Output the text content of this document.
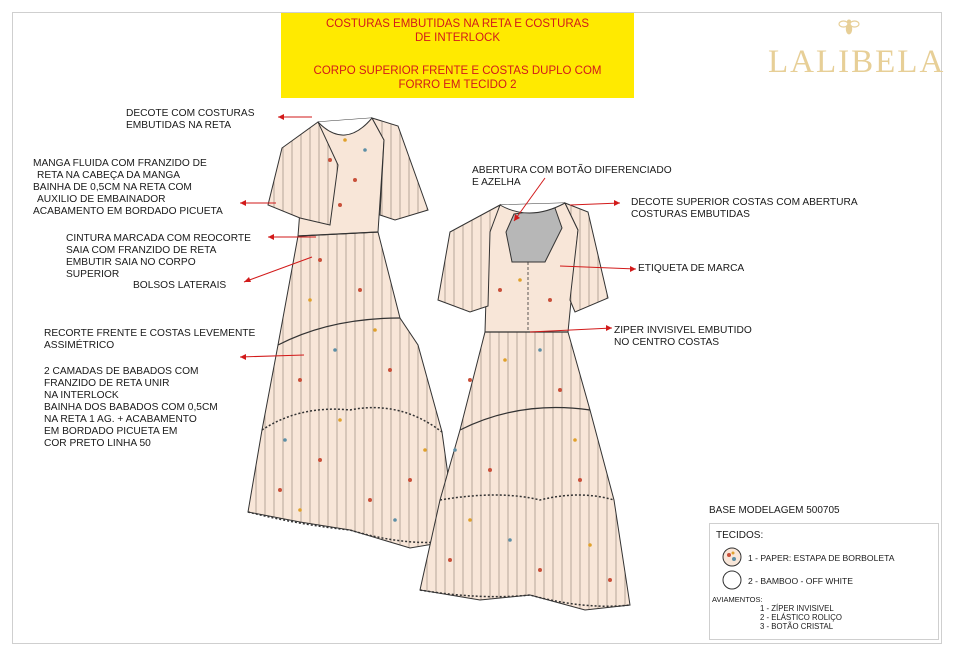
COSTURAS EMBUTIDAS NA RETA E COSTURAS
DE INTERLOCK
CORPO SUPERIOR FRENTE E COSTAS DUPLO COM
FORRO EM TECIDO 2
LALIBELA
DECOTE COM COSTURAS
EMBUTIDAS NA RETA
MANGA FLUIDA COM FRANZIDO DE
RETA NA CABEÇA DA MANGA
BAINHA DE 0,5CM NA RETA COM
AUXILIO DE EMBAINADOR
ACABAMENTO EM BORDADO PICUETA
CINTURA MARCADA COM REOCORTE
SAIA COM FRANZIDO DE RETA
EMBUTIR SAIA NO CORPO
SUPERIOR
BOLSOS LATERAIS
RECORTE FRENTE E COSTAS LEVEMENTE
ASSIMÉTRICO
2 CAMADAS DE BABADOS COM
FRANZIDO DE RETA UNIR
NA INTERLOCK
BAINHA DOS BABADOS COM 0,5CM
NA RETA 1 AG. + ACABAMENTO
EM BORDADO PICUETA EM
COR PRETO LINHA 50
ABERTURA COM BOTÃO DIFERENCIADO
E AZELHA
DECOTE SUPERIOR COSTAS COM ABERTURA
COSTURAS EMBUTIDAS
ETIQUETA DE MARCA
ZIPER INVISIVEL EMBUTIDO
NO CENTRO COSTAS
BASE MODELAGEM 500705
TECIDOS:
1 - PAPER: ESTAPA DE BORBOLETA
2 - BAMBOO - OFF WHITE
AVIAMENTOS:
1 - ZÍPER INVISIVEL
2 - ELÁSTICO ROLIÇO
3 - BOTÃO CRISTAL
